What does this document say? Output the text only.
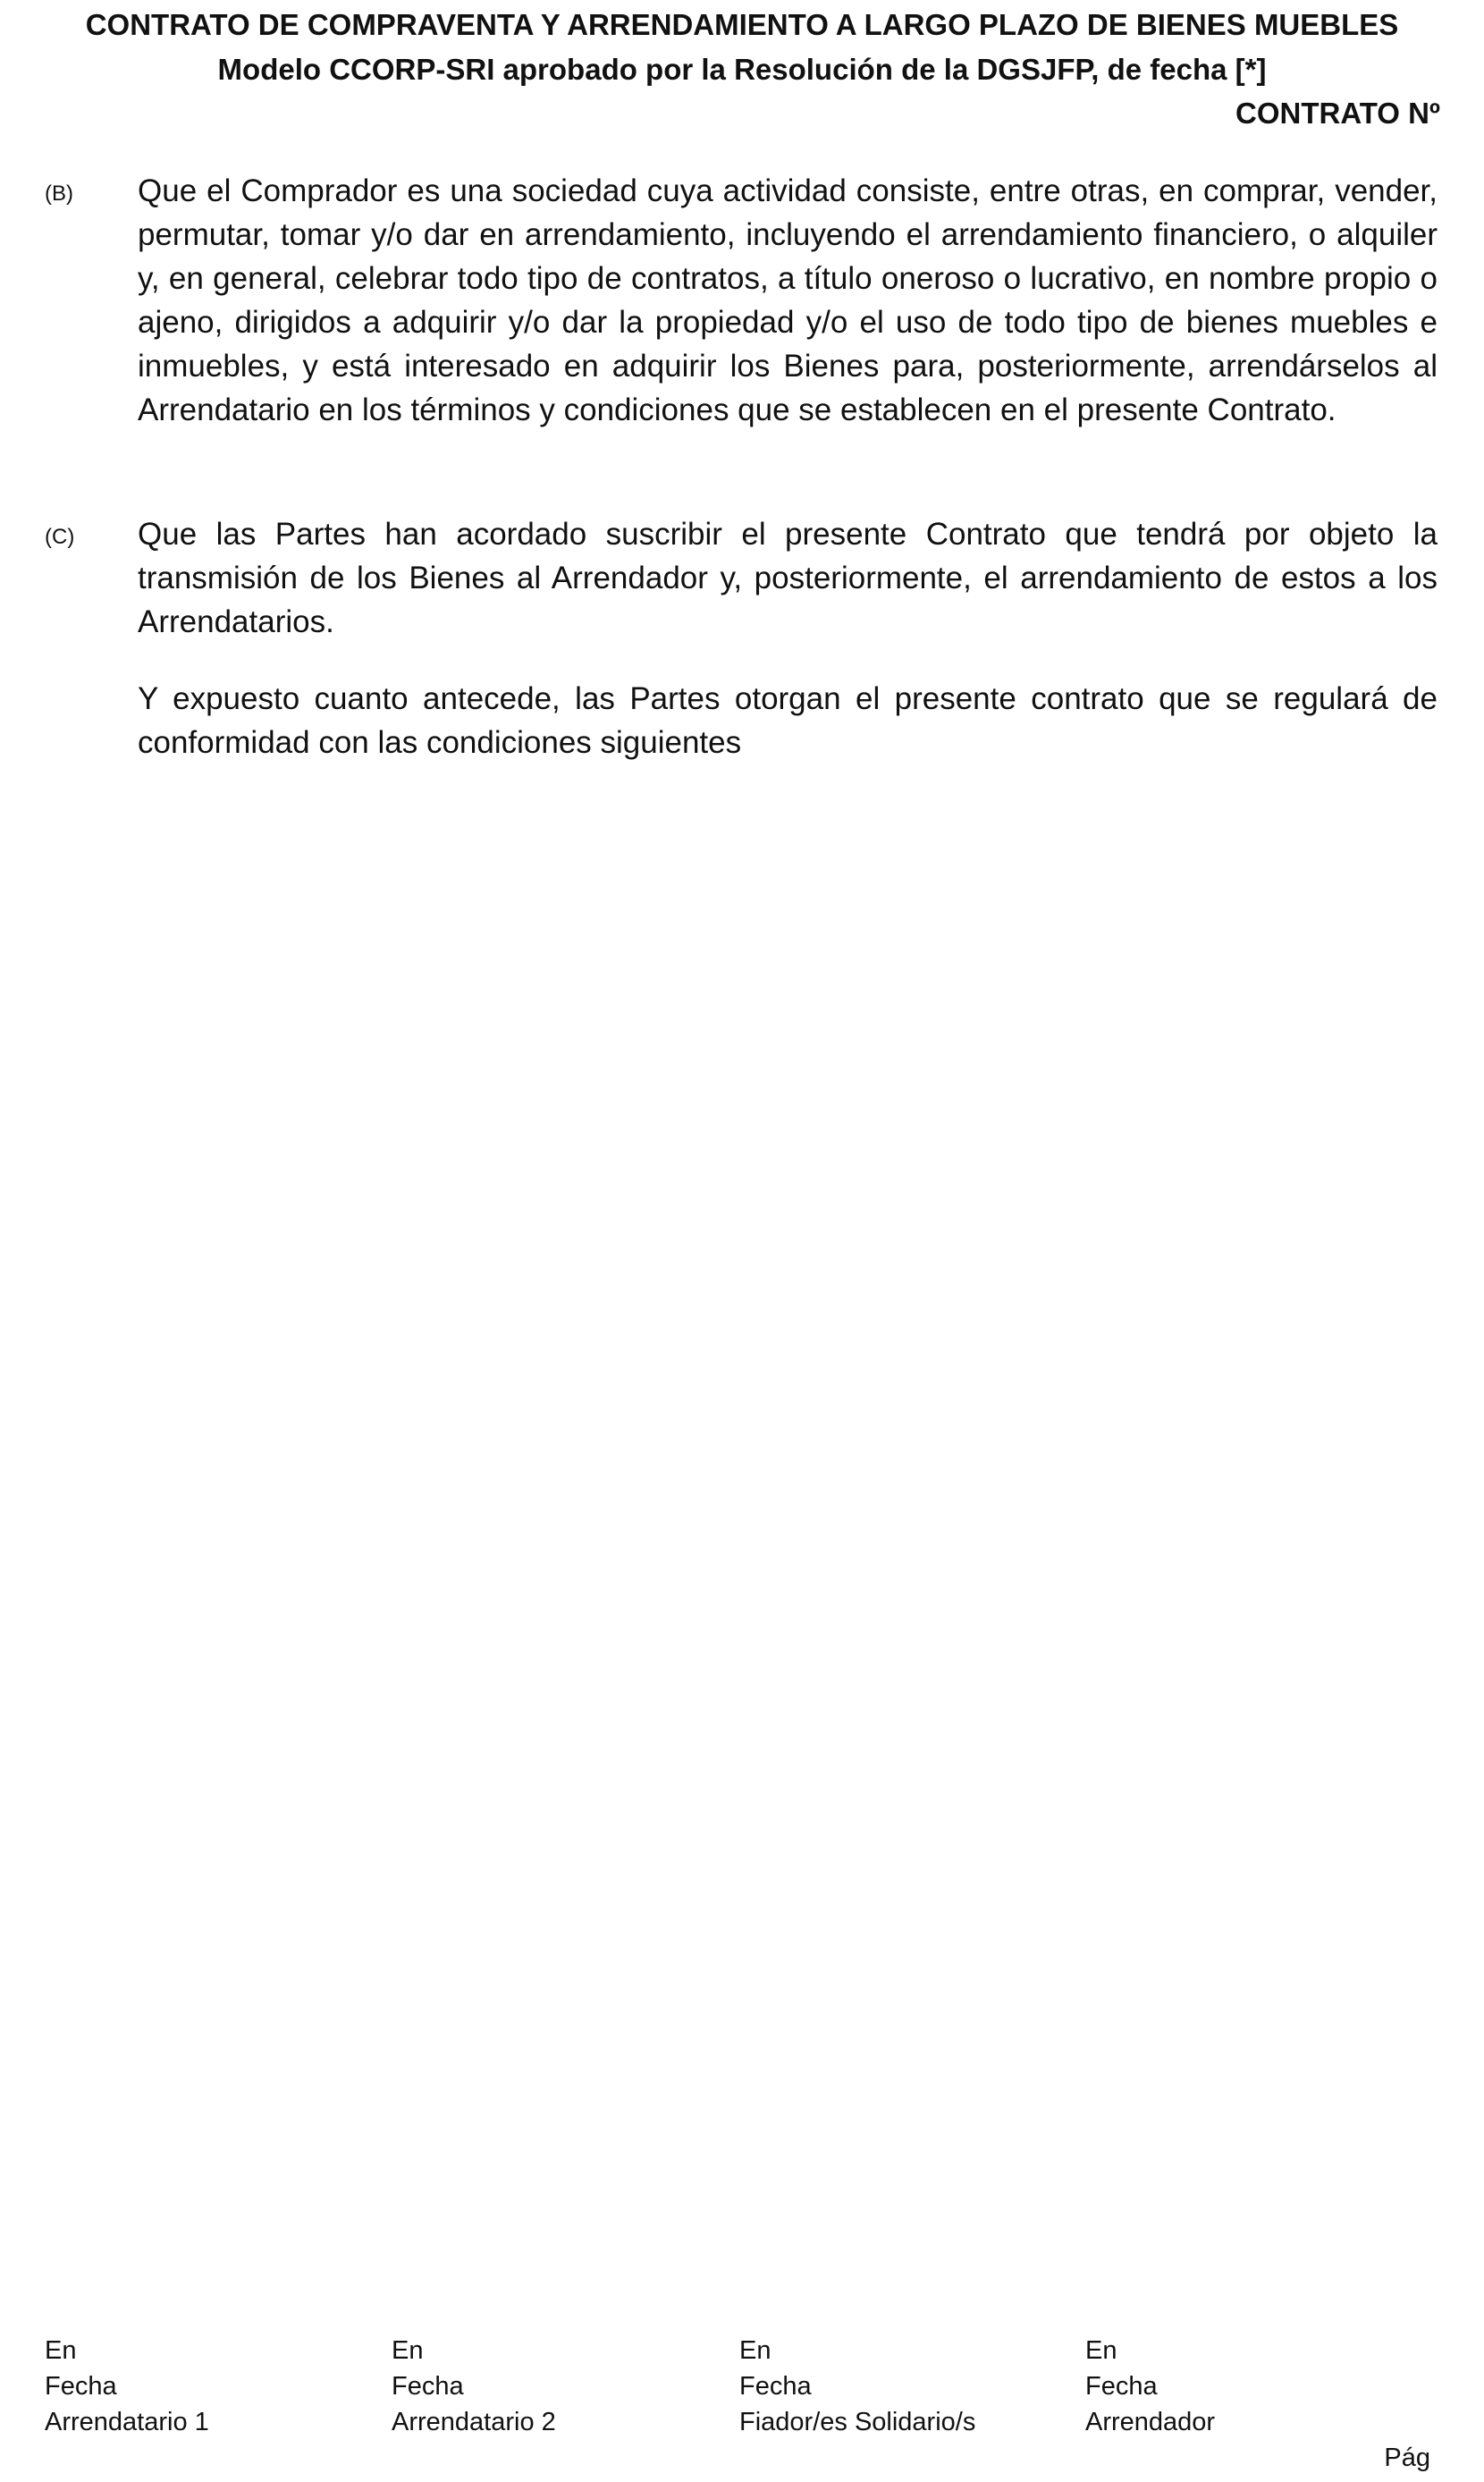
CONTRATO DE COMPRAVENTA Y ARRENDAMIENTO A LARGO PLAZO DE BIENES MUEBLES
Modelo CCORP-SRI aprobado por la Resolución de la DGSJFP, de fecha [*]
CONTRATO Nº
(B) Que el Comprador es una sociedad cuya actividad consiste, entre otras, en comprar, vender, permutar, tomar y/o dar en arrendamiento, incluyendo el arrendamiento financiero, o alquiler y, en general, celebrar todo tipo de contratos, a título oneroso o lucrativo, en nombre propio o ajeno, dirigidos a adquirir y/o dar la propiedad y/o el uso de todo tipo de bienes muebles e inmuebles, y está interesado en adquirir los Bienes para, posteriormente, arrendárselos al Arrendatario en los términos y condiciones que se establecen en el presente Contrato.
(C) Que las Partes han acordado suscribir el presente Contrato que tendrá por objeto la transmisión de los Bienes al Arrendador y, posteriormente, el arrendamiento de estos a los Arrendatarios.
Y expuesto cuanto antecede, las Partes otorgan el presente contrato que se regulará de conformidad con las condiciones siguientes
En
Fecha
Arrendatario 1
En
Fecha
Arrendatario 2
En
Fecha
Fiador/es Solidario/s
En
Fecha
Arrendador
Pág
